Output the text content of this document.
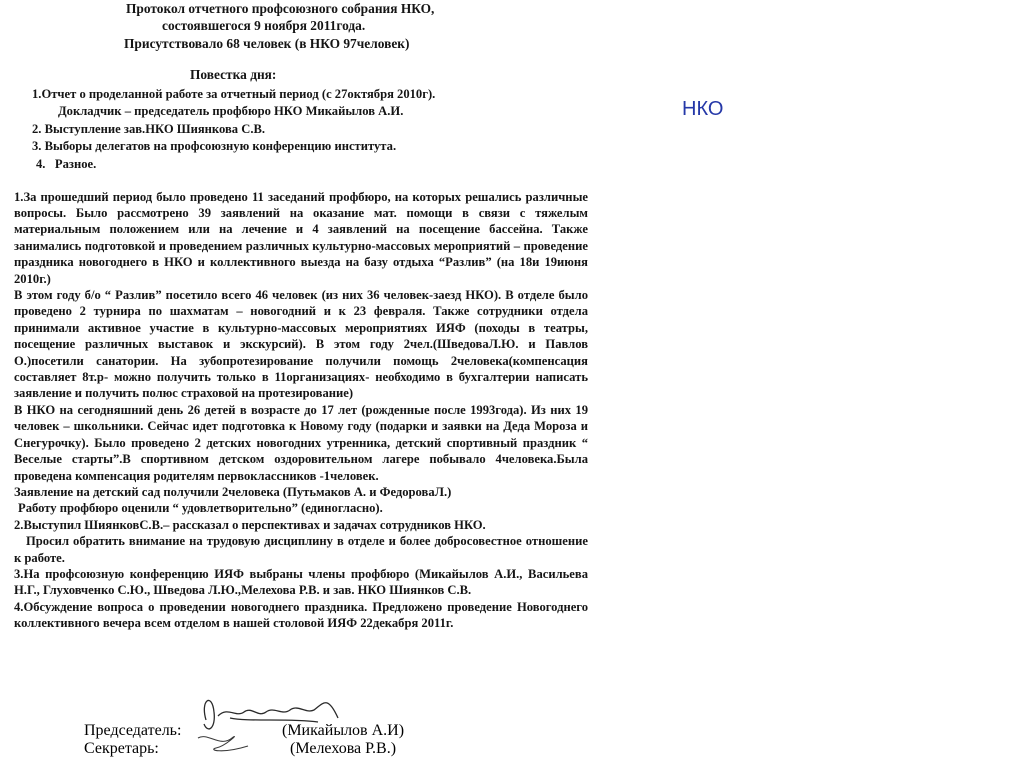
Протокол отчетного профсоюзного собрания НКО,

состоявшегося 9 ноября 2011года.

Присутствовало 68 человек (в НКО 97человек)

Повестка дня:

1.Отчет о проделанной работе за отчетный период (с 27октября 2010г).

Докладчик – председатель профбюро НКО Микайылов А.И.

2. Выступление зав.НКО Шиянкова С.В.

3. Выборы делегатов на профсоюзную конференцию института.

4.   Разное.

1.За прошедший период было проведено 11 заседаний профбюро, на которых решались различные вопросы. Было рассмотрено 39 заявлений на оказание мат. помощи в связи с тяжелым материальным положением или на лечение и 4 заявлений на посещение бассейна. Также занимались подготовкой и проведением различных культурно-массовых мероприятий – проведение праздника новогоднего в НКО и коллективного выезда на базу отдыха “Разлив” (на 18и 19июня 2010г.)

В этом году б/о “ Разлив” посетило всего 46 человек (из них 36 человек-заезд НКО). В отделе было проведено 2 турнира по шахматам – новогодний и к 23 февраля. Также сотрудники отдела принимали активное участие в культурно-массовых мероприятиях ИЯФ (походы в театры, посещение различных выставок и экскурсий). В этом году 2чел.(ШведоваЛ.Ю. и Павлов О.)посетили санатории. На зубопротезирование получили помощь 2человека(компенсация составляет 8т.р- можно получить только в 11организациях- необходимо в бухгалтерии написать заявление и получить полюс страховой на протезирование)

В НКО на сегодняшний день 26 детей в возрасте до 17 лет (рожденные после 1993года). Из них 19 человек – школьники. Сейчас идет подготовка к Новому году (подарки и заявки на Деда Мороза и Снегурочку). Было проведено 2 детских новогодних утренника, детский спортивный праздник “ Веселые старты”.В спортивном детском оздоровительном лагере побывало 4человека.Была проведена компенсация родителям первоклассников -1человек.

Заявление на детский сад получили 2человека (Путьмаков А. и ФедороваЛ.)

Работу профбюро оценили “ удовлетворительно” (единогласно).

2.Выступил ШиянковС.В.– рассказал о перспективах и задачах сотрудников НКО.

Просил обратить внимание на трудовую дисциплину в отделе и более добросовестное отношение к работе.

3.На профсоюзную конференцию ИЯФ выбраны члены профбюро (Микайылов А.И., Васильева Н.Г., Глуховченко С.Ю., Шведова Л.Ю.,Мелехова Р.В. и зав. НКО Шиянков С.В.

4.Обсуждение вопроса о проведении новогоднего праздника. Предложено проведение Новогоднего коллективного вечера всем отделом в нашей столовой ИЯФ 22декабря 2011г.

Председатель:	(Микайылов А.И)
Секретарь:	(Мелехова Р.В.)
НКО
